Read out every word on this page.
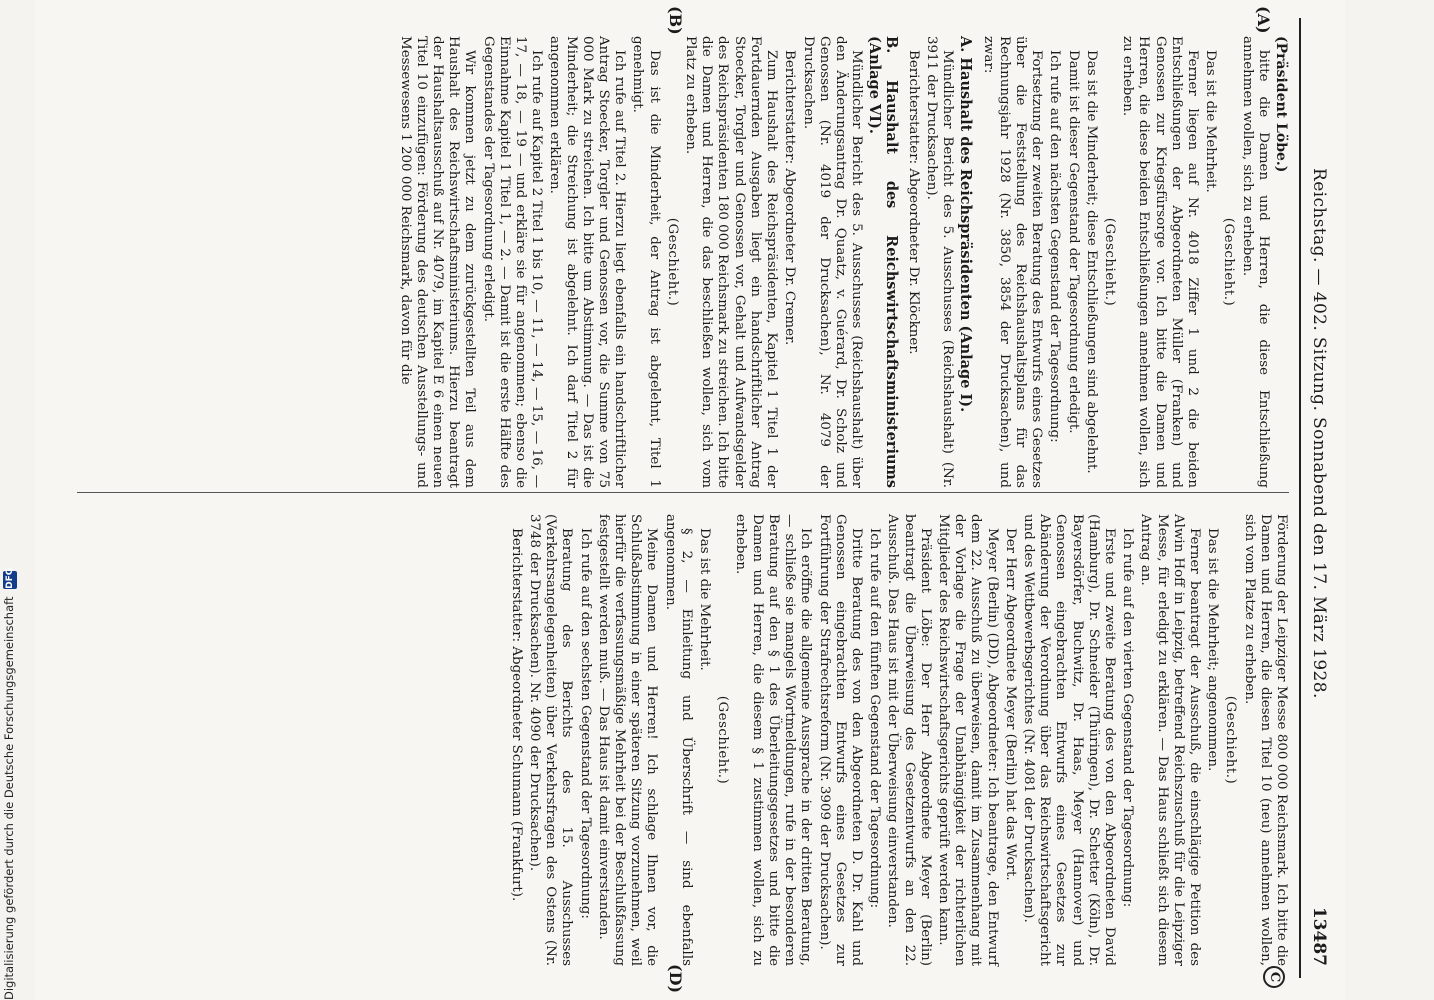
Reichstag. — 402. Sitzung. Sonnabend den 17. März 1928.
13487
(A)
(B)
C
(D)

(Präsident Löbe.)

bitte die Damen und Herren, die diese Entschließung annehmen wollen, sich zu erheben.

(Geschieht.)

Das ist die Mehrheit.

Ferner liegen auf Nr. 4018 Ziffer 1 und 2 die beiden Entschließungen der Abgeordneten Müller (Franken) und Genossen zur Kriegsfürsorge vor. Ich bitte die Damen und Herren, die diese beiden Entschließungen annehmen wollen, sich zu erheben.

(Geschieht.)

Das ist die Minderheit; diese Entschließungen sind abgelehnt.

Damit ist dieser Gegenstand der Tagesordnung erledigt.

Ich rufe auf den nächsten Gegenstand der Tagesordnung:

Fortsetzung der zweiten Beratung des Entwurfs eines Gesetzes über die Feststellung des Reichshaushaltsplans für das Rechnungsjahr 1928 (Nr. 3850, 3854 der Drucksachen), und zwar:

A. Haushalt des Reichspräsidenten (Anlage I).

Mündlicher Bericht des 5. Ausschusses (Reichshaushalt) (Nr. 3911 der Drucksachen).

Berichterstatter: Abgeordneter Dr. Klöckner.

B. Haushalt des Reichswirtschaftsministeriums (Anlage VI).

Mündlicher Bericht des 5. Ausschusses (Reichshaushalt) über den Änderungsantrag Dr. Quaatz, v. Guérard, Dr. Scholz und Genossen (Nr. 4019 der Drucksachen), Nr. 4079 der Drucksachen.

Berichterstatter: Abgeordneter Dr. Cremer.

Zum Haushalt des Reichspräsidenten, Kapitel 1 Titel 1 der Fortdauernden Ausgaben liegt ein handschriftlicher Antrag Stoecker, Torgler und Genossen vor, Gehalt und Aufwandsgelder des Reichspräsidenten 180 000 Reichsmark zu streichen. Ich bitte die Damen und Herren, die das beschließen wollen, sich vom Platz zu erheben.

(Geschieht.)

Das ist die Minderheit, der Antrag ist abgelehnt, Titel 1 genehmigt.

Ich rufe auf Titel 2. Hierzu liegt ebenfalls ein handschriftlicher Antrag Stoecker, Torgler und Genossen vor, die Summe von 75 000 Mark zu streichen. Ich bitte um Abstimmung. — Das ist die Minderheit; die Streichung ist abgelehnt. Ich darf Titel 2 für angenommen erklären.

Ich rufe auf Kapitel 2 Titel 1 bis 10, — 11, — 14, — 15, — 16, — 17, — 18, — 19 — und erkläre sie für angenommen; ebenso die Einnahme Kapitel 1 Titel 1, — 2. — Damit ist die erste Hälfte des Gegenstandes der Tagesordnung erledigt.

Wir kommen jetzt zu dem zurückgestellten Teil aus dem Haushalt des Reichswirtschaftsministeriums. Hierzu beantragt der Haushaltsausschuß auf Nr. 4079, im Kapitel E 6 einen neuen Titel 10 einzufügen: Förderung des deutschen Ausstellungs- und Messewesens 1 200 000 Reichsmark, davon für die

Förderung der Leipziger Messe 800 000 Reichsmark. Ich bitte die Damen und Herren, die diesen Titel 10 (neu) annehmen wollen, sich vom Platze zu erheben.

(Geschieht.)

Das ist die Mehrheit; angenommen.

Ferner beantragt der Ausschuß, die einschlägige Petition des Alwin Hoff in Leipzig, betreffend Reichszuschuß für die Leipziger Messe, für erledigt zu erklären. — Das Haus schließt sich diesem Antrag an.

Ich rufe auf den vierten Gegenstand der Tagesordnung:

Erste und zweite Beratung des von den Abgeordneten David (Hamburg), Dr. Schneider (Thüringen), Dr. Schetter (Köln), Dr. Bayersdörfer, Buchwitz, Dr. Haas, Meyer (Hannover) und Genossen eingebrachten Entwurfs eines Gesetzes zur Abänderung der Verordnung über das Reichswirtschaftsgericht und des Wettbewerbsgerichtes (Nr. 4081 der Drucksachen).

Der Herr Abgeordnete Meyer (Berlin) hat das Wort.

Meyer (Berlin) (DD), Abgeordneter: Ich beantrage, den Entwurf dem 22. Ausschuß zu überweisen, damit im Zusammenhang mit der Vorlage die Frage der Unabhängigkeit der richterlichen Mitglieder des Reichswirtschaftsgerichts geprüft werden kann.

Präsident Löbe: Der Herr Abgeordnete Meyer (Berlin) beantragt die Überweisung des Gesetzentwurfs an den 22. Ausschuß. Das Haus ist mit der Überweisung einverstanden.

Ich rufe auf den fünften Gegenstand der Tagesordnung:

Dritte Beratung des von den Abgeordneten D. Dr. Kahl und Genossen eingebrachten Entwurfs eines Gesetzes zur Fortführung der Strafrechtsreform (Nr. 3909 der Drucksachen).

Ich eröffne die allgemeine Aussprache in der dritten Beratung, — schließe sie mangels Wortmeldungen, rufe in der besonderen Beratung auf den § 1 des Überleitungsgesetzes und bitte die Damen und Herren, die diesem § 1 zustimmen wollen, sich zu erheben.

(Geschieht.)

Das ist die Mehrheit.

§ 2, — Einleitung und Überschrift — sind ebenfalls angenommen.

Meine Damen und Herren! Ich schlage Ihnen vor, die Schlußabstimmung in einer späteren Sitzung vorzunehmen, weil hierfür die verfassungsmäßige Mehrheit bei der Beschlußfassung festgestellt werden muß. — Das Haus ist damit einverstanden.

Ich rufe auf den sechsten Gegenstand der Tagesordnung:

Beratung des Berichts des 15. Ausschusses (Verkehrsangelegenheiten) über Verkehrsfragen des Ostens (Nr. 3748 der Drucksachen). Nr. 4090 der Drucksachen).

Berichterstatter: Abgeordneter Schumann (Frankfurt).

Digitalisierung gefördert durch die Deutsche Forschungsgemeinschaft DFG
